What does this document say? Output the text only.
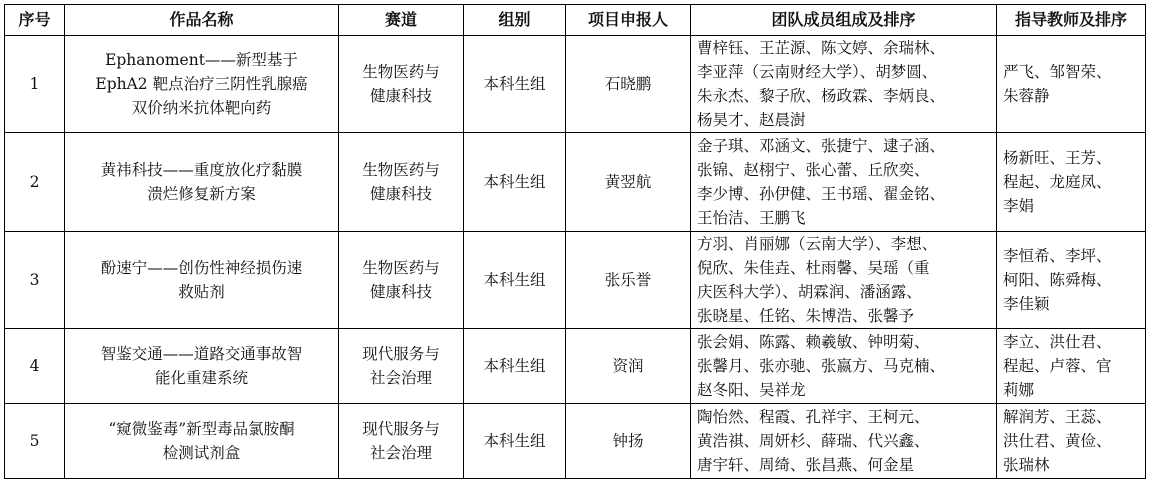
序号	作品名称	赛道	组别	项目申报人	团队成员组成及排序	指导教师及排序
1	Ephanoment——新型基于
EphA2 靶点治疗三阴性乳腺癌
双价纳米抗体靶向药	生物医药与
健康科技	本科生组	石晓鹏	曹梓钰、王芷源、陈文婷、余瑞林、
李亚萍（云南财经大学）、胡梦圆、
朱永杰、黎子欣、杨政霖、李炳良、
杨昊才、赵晨澍	严飞、邹智荣、
朱蓉静
2	黄祎科技——重度放化疗黏膜
溃烂修复新方案	生物医药与
健康科技	本科生组	黄翌航	金子琪、邓涵文、张捷宁、逮子涵、
张锦、赵栩宁、张心蕾、丘欣奕、
李少博、孙伊健、王书瑶、翟金铭、
王怡洁、王鹏飞	杨新旺、王芳、
程起、龙庭凤、
李娟
3	酚速宁——创伤性神经损伤速
救贴剂	生物医药与
健康科技	本科生组	张乐誉	方羽、肖丽娜（云南大学）、李想、
倪欣、朱佳垚、杜雨馨、吴瑶（重
庆医科大学）、胡霖润、潘涵露、
张晓星、任铭、朱博浩、张馨予	李恒希、李坪、
柯阳、陈舜梅、
李佳颖
4	智鉴交通——道路交通事故智
能化重建系统	现代服务与
社会治理	本科生组	资润	张会娟、陈露、赖羲敏、钟明菊、
张馨月、张亦驰、张嬴方、马克楠、
赵冬阳、吴祥龙	李立、洪仕君、
程起、卢蓉、官
莉娜
5	“窥微鉴毒”新型毒品氯胺酮
检测试剂盒	现代服务与
社会治理	本科生组	钟扬	陶怡然、程霞、孔祥宇、王柯元、
黄浩祺、周妍杉、薛瑞、代兴鑫、
唐宇轩、周绮、张昌燕、何金星	解润芳、王蕊、
洪仕君、黄俭、
张瑞林
